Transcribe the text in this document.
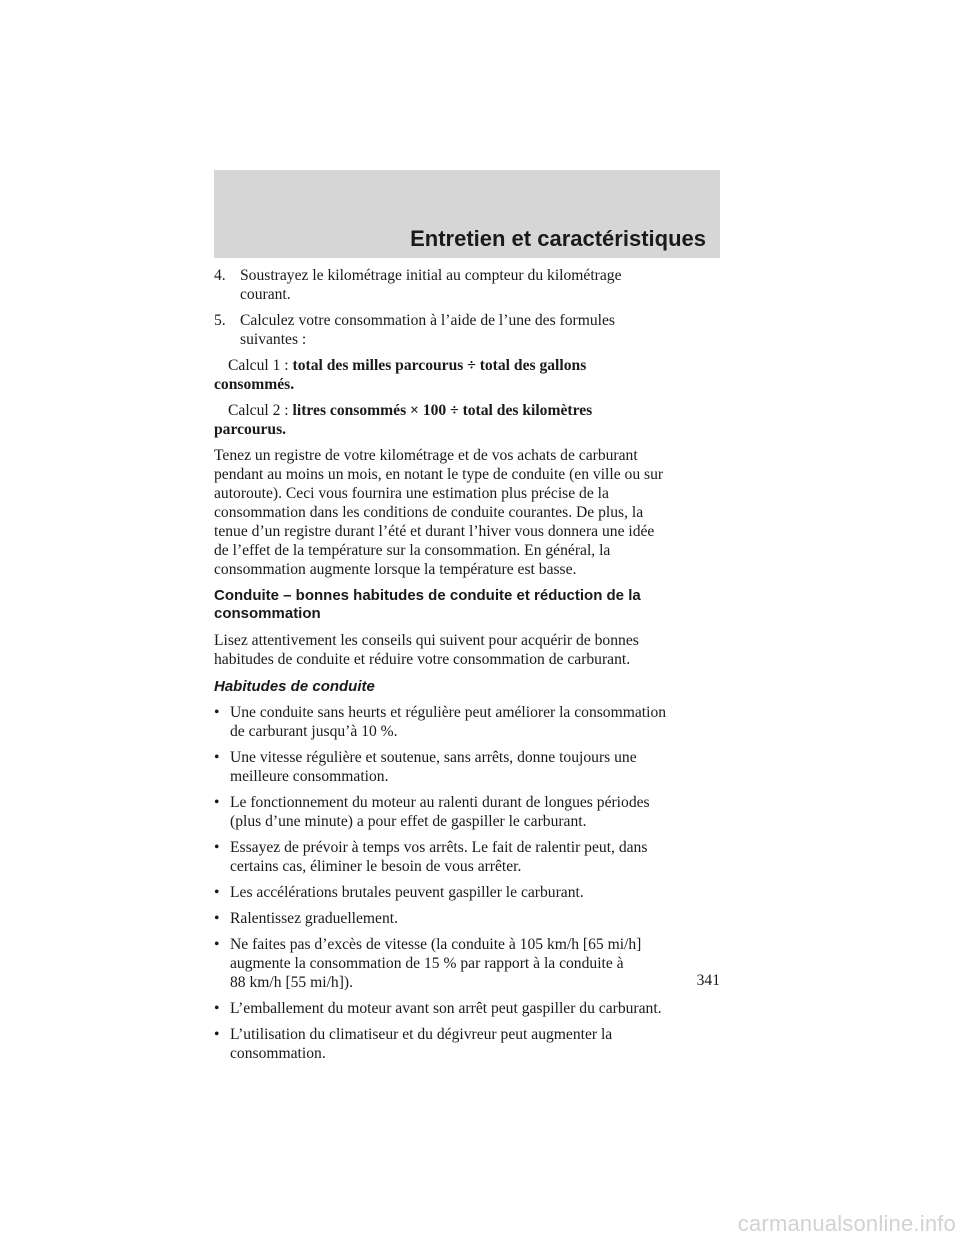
Entretien et caractéristiques

4. Soustrayez le kilométrage initial au compteur du kilométrage
courant.

5. Calculez votre consommation à l’aide de l’une des formules
suivantes :

Calcul 1 : total des milles parcourus ÷ total des gallons
consommés.

Calcul 2 : litres consommés × 100 ÷ total des kilomètres
parcourus.

Tenez un registre de votre kilométrage et de vos achats de carburant
pendant au moins un mois, en notant le type de conduite (en ville ou sur
autoroute). Ceci vous fournira une estimation plus précise de la
consommation dans les conditions de conduite courantes. De plus, la
tenue d’un registre durant l’été et durant l’hiver vous donnera une idée
de l’effet de la température sur la consommation. En général, la
consommation augmente lorsque la température est basse.

Conduite – bonnes habitudes de conduite et réduction de la
consommation

Lisez attentivement les conseils qui suivent pour acquérir de bonnes
habitudes de conduite et réduire votre consommation de carburant.

Habitudes de conduite

• Une conduite sans heurts et régulière peut améliorer la consommation
de carburant jusqu’à 10 %.
• Une vitesse régulière et soutenue, sans arrêts, donne toujours une
meilleure consommation.
• Le fonctionnement du moteur au ralenti durant de longues périodes
(plus d’une minute) a pour effet de gaspiller le carburant.
• Essayez de prévoir à temps vos arrêts. Le fait de ralentir peut, dans
certains cas, éliminer le besoin de vous arrêter.
• Les accélérations brutales peuvent gaspiller le carburant.
• Ralentissez graduellement.
• Ne faites pas d’excès de vitesse (la conduite à 105 km/h [65 mi/h]
augmente la consommation de 15 % par rapport à la conduite à
88 km/h [55 mi/h]).
• L’emballement du moteur avant son arrêt peut gaspiller du carburant.
• L’utilisation du climatiseur et du dégivreur peut augmenter la
consommation.
341
carmanualsonline.info
